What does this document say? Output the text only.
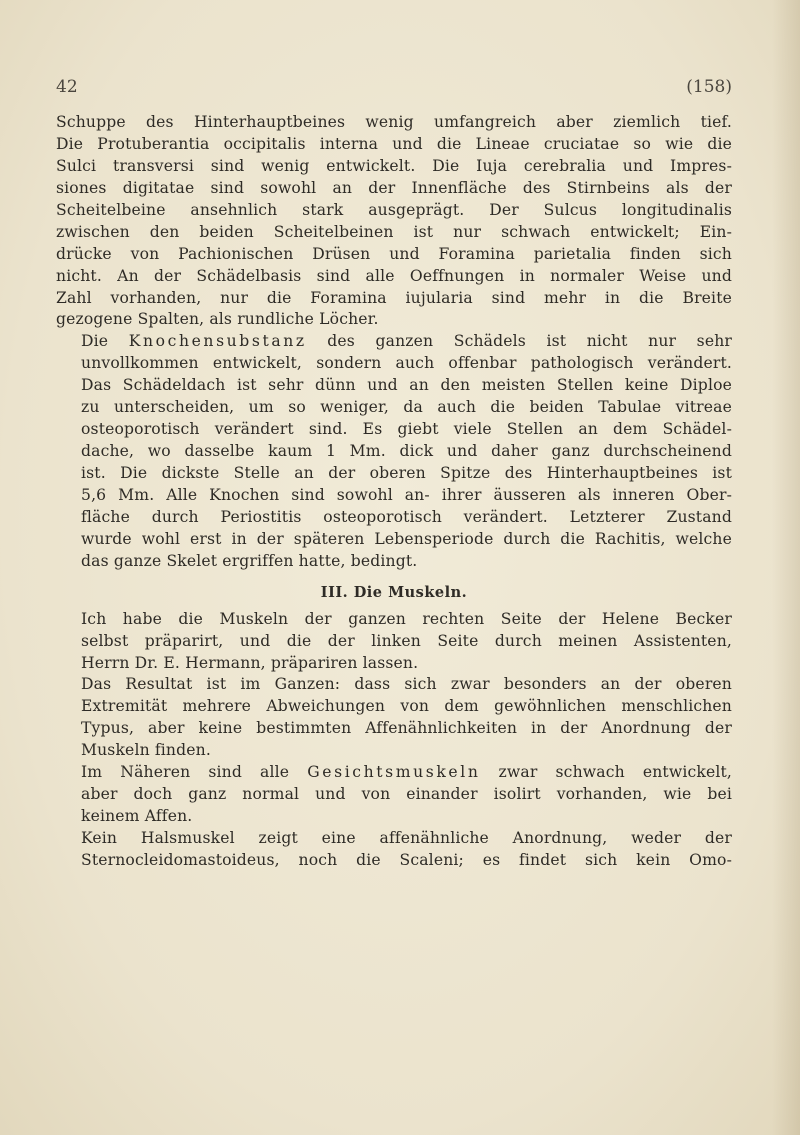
42	(158)

Schuppe des Hinterhauptbeines wenig umfangreich aber ziemlich tief.
Die Protuberantia occipitalis interna und die Lineae cruciatae so wie die
Sulci transversi sind wenig entwickelt. Die Iuja cerebralia und Impres-
siones digitatae sind sowohl an der Innenfläche des Stirnbeins als der
Scheitelbeine ansehnlich stark ausgeprägt. Der Sulcus longitudinalis
zwischen den beiden Scheitelbeinen ist nur schwach entwickelt; Ein-
drücke von Pachionischen Drüsen und Foramina parietalia finden sich
nicht. An der Schädelbasis sind alle Oeffnungen in normaler Weise und
Zahl vorhanden, nur die Foramina iujularia sind mehr in die Breite
gezogene Spalten, als rundliche Löcher.

Die Knochensubstanz des ganzen Schädels ist nicht nur sehr
unvollkommen entwickelt, sondern auch offenbar pathologisch verändert.
Das Schädeldach ist sehr dünn und an den meisten Stellen keine Diploe
zu unterscheiden, um so weniger, da auch die beiden Tabulae vitreae
osteoporotisch verändert sind. Es giebt viele Stellen an dem Schädel-
dache, wo dasselbe kaum 1 Mm. dick und daher ganz durchscheinend
ist. Die dickste Stelle an der oberen Spitze des Hinterhauptbeines ist
5,6 Mm. Alle Knochen sind sowohl an- ihrer äusseren als inneren Ober-
fläche durch Periostitis osteoporotisch verändert. Letzterer Zustand
wurde wohl erst in der späteren Lebensperiode durch die Rachitis, welche
das ganze Skelet ergriffen hatte, bedingt.

III. Die Muskeln.

Ich habe die Muskeln der ganzen rechten Seite der Helene Becker
selbst präparirt, und die der linken Seite durch meinen Assistenten,
Herrn Dr. E. Hermann, präpariren lassen.

Das Resultat ist im Ganzen: dass sich zwar besonders an der oberen
Extremität mehrere Abweichungen von dem gewöhnlichen menschlichen
Typus, aber keine bestimmten Affenähnlichkeiten in der Anordnung der
Muskeln finden.

Im Näheren sind alle Gesichtsmuskeln zwar schwach entwickelt,
aber doch ganz normal und von einander isolirt vorhanden, wie bei
keinem Affen.

Kein Halsmuskel zeigt eine affenähnliche Anordnung, weder der
Sternocleidomastoideus, noch die Scaleni; es findet sich kein Omo-
